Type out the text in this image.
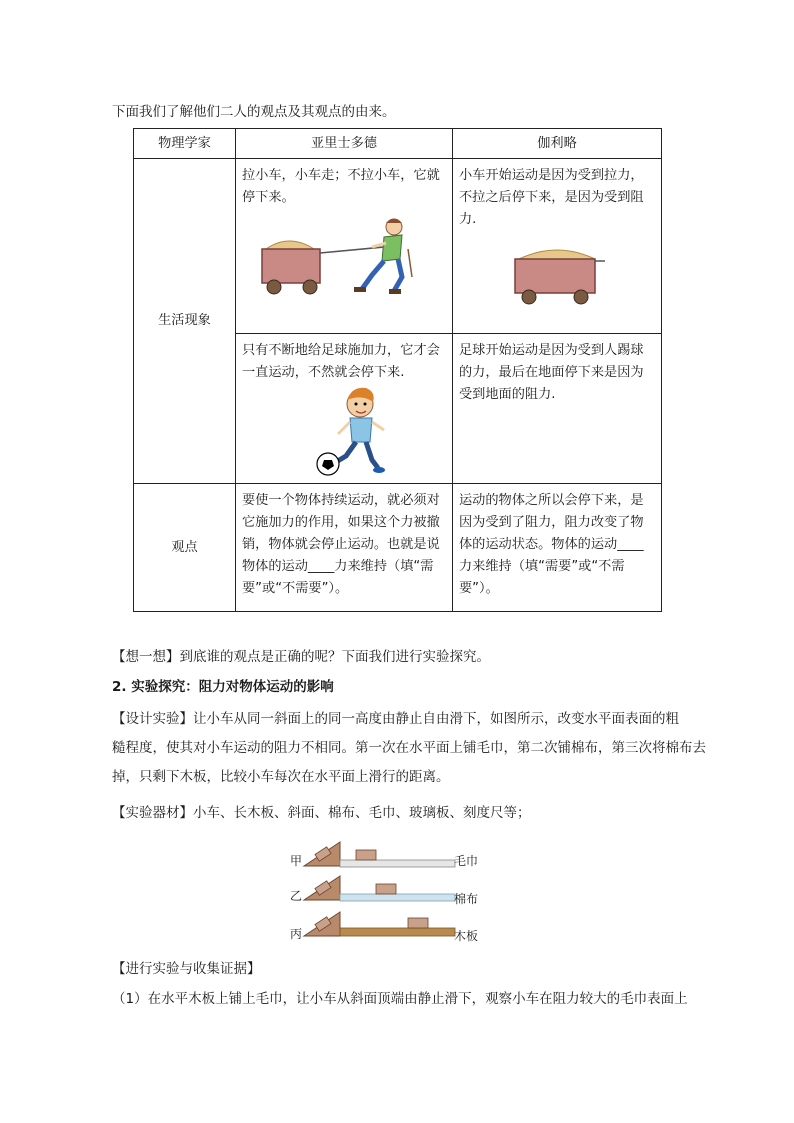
下面我们了解他们二人的观点及其观点的由来。
物理学家	亚里士多德	伽利略
生活现象	拉小车，小车走；不拉小车，它就停下来。	小车开始运动是因为受到拉力，不拉之后停下来，是因为受到阻力.

	只有不断地给足球施加力，它才会一直运动，不然就会停下来.	足球开始运动是因为受到人踢球的力，最后在地面停下来是因为受到地面的阻力.

观点	要使一个物体持续运动，就必须对它施加力的作用，如果这个力被撤销，物体就会停止运动。也就是说物体的运动____力来维持（填“需要”或“不需要”）。	运动的物体之所以会停下来，是因为受到了阻力，阻力改变了物体的运动状态。物体的运动____力来维持（填“需要”或“不需要”）。
【想一想】到底谁的观点是正确的呢？下面我们进行实验探究。
2. 实验探究：阻力对物体运动的影响
【设计实验】让小车从同一斜面上的同一高度由静止自由滑下，如图所示，改变水平面表面的粗
糙程度，使其对小车运动的阻力不相同。第一次在水平面上铺毛巾，第二次铺棉布，第三次将棉布去
掉，只剩下木板，比较小车每次在水平面上滑行的距离。
【实验器材】小车、长木板、斜面、棉布、毛巾、玻璃板、刻度尺等；
甲
乙
丙
毛巾
棉布
木板
【进行实验与收集证据】
（1）在水平木板上铺上毛巾，让小车从斜面顶端由静止滑下，观察小车在阻力较大的毛巾表面上
